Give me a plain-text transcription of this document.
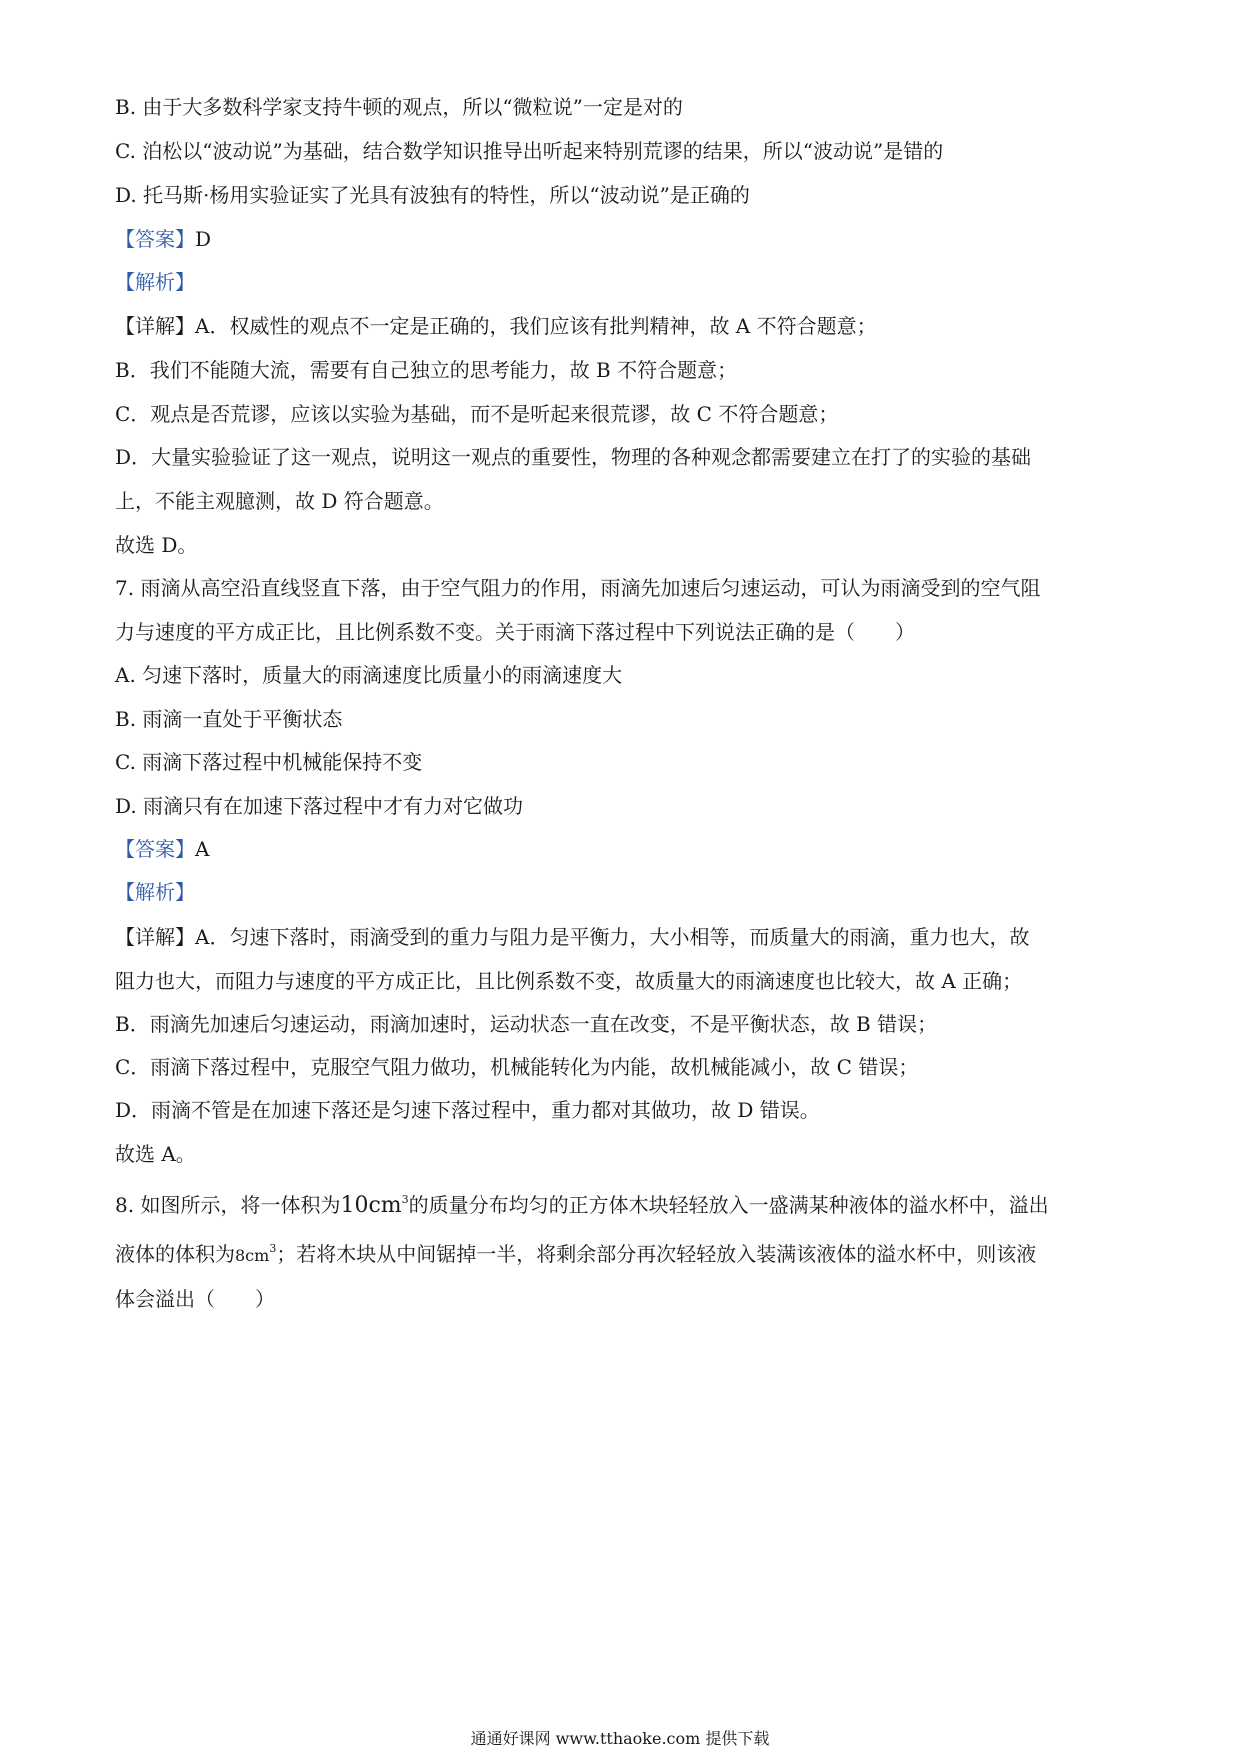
B. 由于大多数科学家支持牛顿的观点，所以“微粒说”一定是对的
C. 泊松以“波动说”为基础，结合数学知识推导出听起来特别荒谬的结果，所以“波动说”是错的
D. 托马斯·杨用实验证实了光具有波独有的特性，所以“波动说”是正确的
【答案】D
【解析】
【详解】A．权威性的观点不一定是正确的，我们应该有批判精神，故 A 不符合题意；
B．我们不能随大流，需要有自己独立的思考能力，故 B 不符合题意；
C．观点是否荒谬，应该以实验为基础，而不是听起来很荒谬，故 C 不符合题意；
D．大量实验验证了这一观点，说明这一观点的重要性，物理的各种观念都需要建立在打了的实验的基础
上，不能主观臆测，故 D 符合题意。
故选 D。
7. 雨滴从高空沿直线竖直下落，由于空气阻力的作用，雨滴先加速后匀速运动，可认为雨滴受到的空气阻
力与速度的平方成正比，且比例系数不变。关于雨滴下落过程中下列说法正确的是（　　）
A. 匀速下落时，质量大的雨滴速度比质量小的雨滴速度大
B. 雨滴一直处于平衡状态
C. 雨滴下落过程中机械能保持不变
D. 雨滴只有在加速下落过程中才有力对它做功
【答案】A
【解析】
【详解】A．匀速下落时，雨滴受到的重力与阻力是平衡力，大小相等，而质量大的雨滴，重力也大，故
阻力也大，而阻力与速度的平方成正比，且比例系数不变，故质量大的雨滴速度也比较大，故 A 正确；
B．雨滴先加速后匀速运动，雨滴加速时，运动状态一直在改变，不是平衡状态，故 B 错误；
C．雨滴下落过程中，克服空气阻力做功，机械能转化为内能，故机械能减小，故 C 错误；
D．雨滴不管是在加速下落还是匀速下落过程中，重力都对其做功，故 D 错误。
故选 A。
8. 如图所示，将一体积为$10cm^3$的质量分布均匀的正方体木块轻轻放入一盛满某种液体的溢水杯中，溢出
液体的体积为$8cm^3$；若将木块从中间锯掉一半，将剩余部分再次轻轻放入装满该液体的溢水杯中，则该液
体会溢出（　　）
通通好课网 www.tthaoke.com 提供下载
